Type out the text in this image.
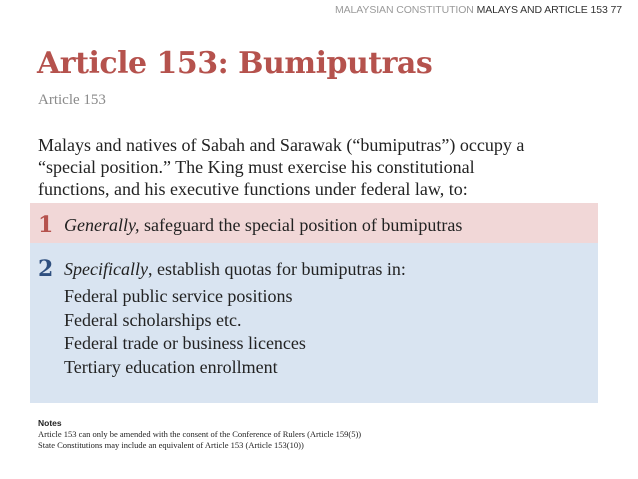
MALAYSIAN CONSTITUTION MALAYS AND ARTICLE 153 77
Article 153: Bumiputras
Article 153
Malays and natives of Sabah and Sarawak (“bumiputras”) occupy a
“special position.” The King must exercise his constitutional
functions, and his executive functions under federal law, to:
1 Generally, safeguard the special position of bumiputras
2 Specifically, establish quotas for bumiputras in:
Federal public service positions
Federal scholarships etc.
Federal trade or business licences
Tertiary education enrollment
Notes
Article 153 can only be amended with the consent of the Conference of Rulers (Article 159(5))
State Constitutions may include an equivalent of Article 153 (Article 153(10))
